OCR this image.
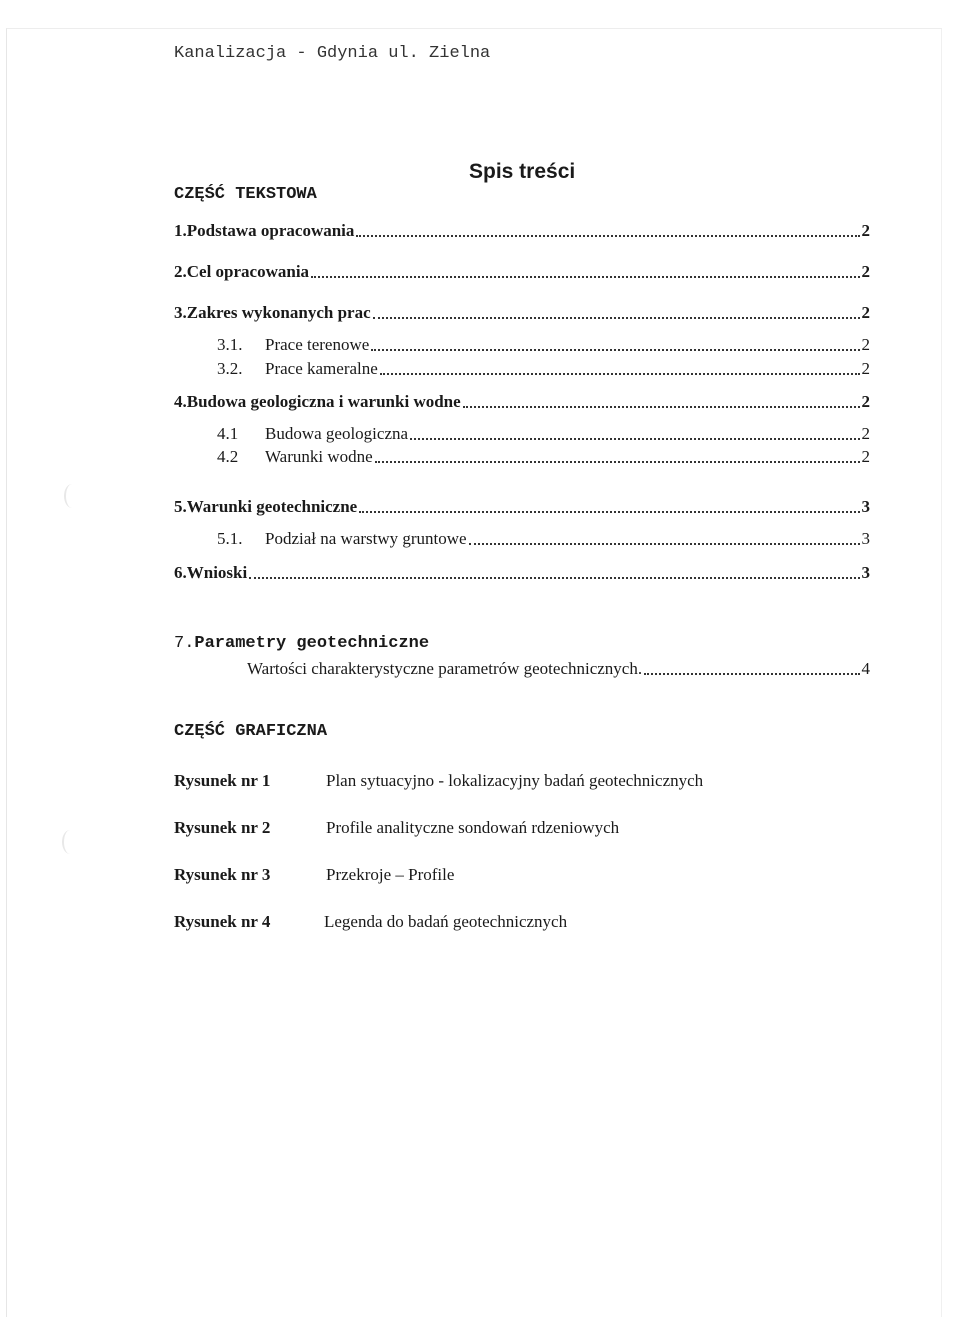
Kanalizacja - Gdynia ul. Zielna
Spis treści
CZĘŚĆ TEKSTOWA
1.Podstawa opracowania	2
2.Cel opracowania	2
3.Zakres wykonanych prac	2
3.1. Prace terenowe	2
3.2. Prace kameralne	2
4.Budowa geologiczna i warunki wodne	2
4.1 Budowa geologiczna	2
4.2 Warunki wodne	2
5.Warunki geotechniczne	3
5.1. Podział na warstwy gruntowe	3
6.Wnioski	3
7.Parametry geotechniczne
Wartości charakterystyczne parametrów geotechnicznych.	4
CZĘŚĆ GRAFICZNA
Rysunek nr 1	Plan sytuacyjno - lokalizacyjny badań geotechnicznych
Rysunek nr 2	Profile analityczne sondowań rdzeniowych
Rysunek nr 3	Przekroje – Profile
Rysunek nr 4	Legenda do badań geotechnicznych
